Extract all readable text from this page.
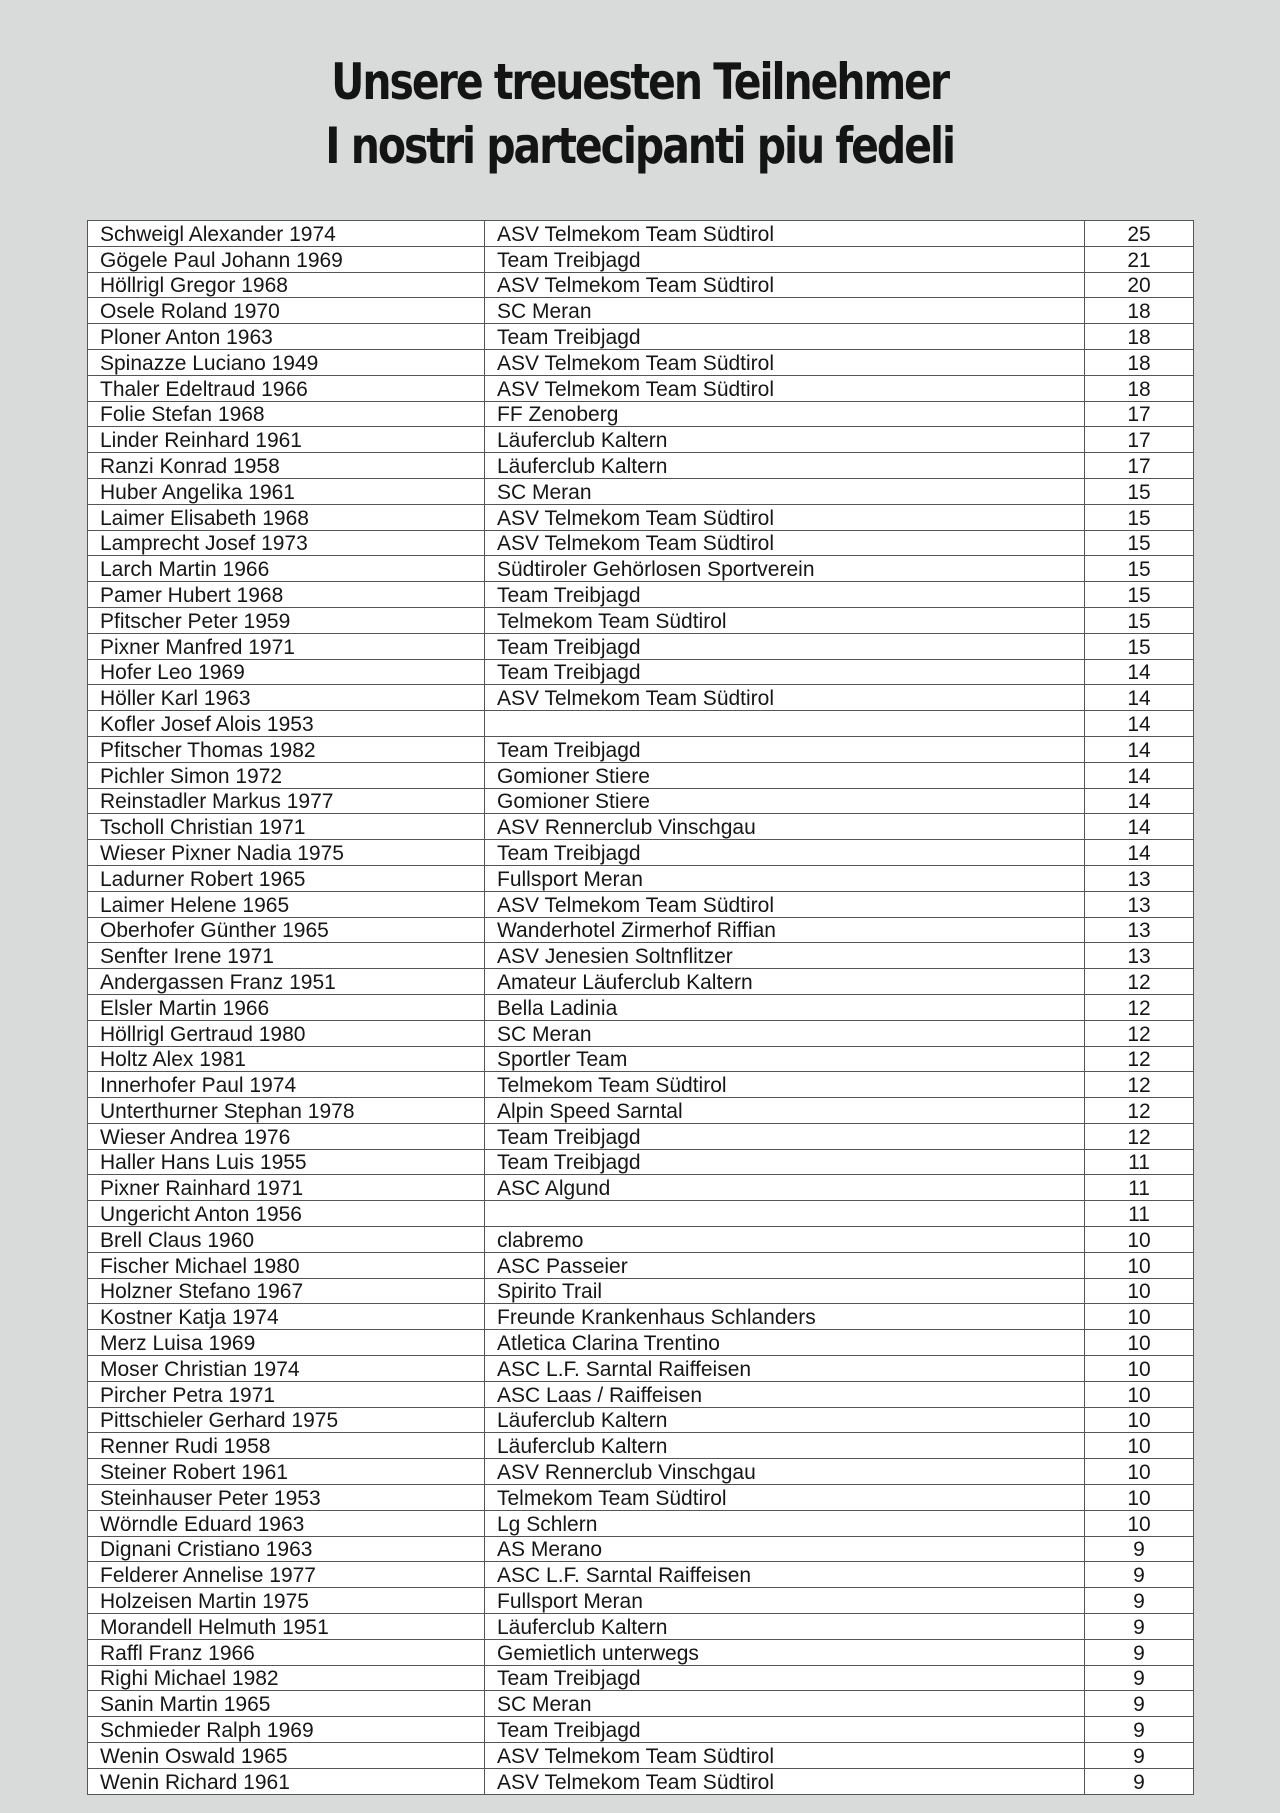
Unsere treuesten Teilnehmer
I nostri partecipanti piu fedeli
Schweigl Alexander 1974	ASV Telmekom Team Südtirol	25
Gögele Paul Johann 1969	Team Treibjagd	21
Höllrigl Gregor 1968	ASV Telmekom Team Südtirol	20
Osele Roland 1970	SC Meran	18
Ploner Anton 1963	Team Treibjagd	18
Spinazze Luciano 1949	ASV Telmekom Team Südtirol	18
Thaler Edeltraud 1966	ASV Telmekom Team Südtirol	18
Folie Stefan 1968	FF Zenoberg	17
Linder Reinhard 1961	Läuferclub Kaltern	17
Ranzi Konrad 1958	Läuferclub Kaltern	17
Huber Angelika 1961	SC Meran	15
Laimer Elisabeth 1968	ASV Telmekom Team Südtirol	15
Lamprecht Josef 1973	ASV Telmekom Team Südtirol	15
Larch Martin 1966	Südtiroler Gehörlosen Sportverein	15
Pamer Hubert 1968	Team Treibjagd	15
Pfitscher Peter 1959	Telmekom Team Südtirol	15
Pixner Manfred 1971	Team Treibjagd	15
Hofer Leo 1969	Team Treibjagd	14
Höller Karl 1963	ASV Telmekom Team Südtirol	14
Kofler Josef Alois 1953		14
Pfitscher Thomas 1982	Team Treibjagd	14
Pichler Simon 1972	Gomioner Stiere	14
Reinstadler Markus 1977	Gomioner Stiere	14
Tscholl Christian 1971	ASV Rennerclub Vinschgau	14
Wieser Pixner Nadia 1975	Team Treibjagd	14
Ladurner Robert 1965	Fullsport Meran	13
Laimer Helene 1965	ASV Telmekom Team Südtirol	13
Oberhofer Günther 1965	Wanderhotel Zirmerhof Riffian	13
Senfter Irene 1971	ASV Jenesien Soltnflitzer	13
Andergassen Franz 1951	Amateur Läuferclub Kaltern	12
Elsler Martin 1966	Bella Ladinia	12
Höllrigl Gertraud 1980	SC Meran	12
Holtz Alex 1981	Sportler Team	12
Innerhofer Paul 1974	Telmekom Team Südtirol	12
Unterthurner Stephan 1978	Alpin Speed Sarntal	12
Wieser Andrea 1976	Team Treibjagd	12
Haller Hans Luis 1955	Team Treibjagd	11
Pixner Rainhard 1971	ASC Algund	11
Ungericht Anton 1956		11
Brell Claus 1960	clabremo	10
Fischer Michael 1980	ASC Passeier	10
Holzner Stefano 1967	Spirito Trail	10
Kostner Katja 1974	Freunde Krankenhaus Schlanders	10
Merz Luisa 1969	Atletica Clarina Trentino	10
Moser Christian 1974	ASC L.F. Sarntal Raiffeisen	10
Pircher Petra 1971	ASC Laas / Raiffeisen	10
Pittschieler Gerhard 1975	Läuferclub Kaltern	10
Renner Rudi 1958	Läuferclub Kaltern	10
Steiner Robert 1961	ASV Rennerclub Vinschgau	10
Steinhauser Peter 1953	Telmekom Team Südtirol	10
Wörndle Eduard 1963	Lg Schlern	10
Dignani Cristiano 1963	AS Merano	9
Felderer Annelise 1977	ASC L.F. Sarntal Raiffeisen	9
Holzeisen Martin 1975	Fullsport Meran	9
Morandell Helmuth 1951	Läuferclub Kaltern	9
Raffl Franz 1966	Gemietlich unterwegs	9
Righi Michael 1982	Team Treibjagd	9
Sanin Martin 1965	SC Meran	9
Schmieder Ralph 1969	Team Treibjagd	9
Wenin Oswald 1965	ASV Telmekom Team Südtirol	9
Wenin Richard 1961	ASV Telmekom Team Südtirol	9
